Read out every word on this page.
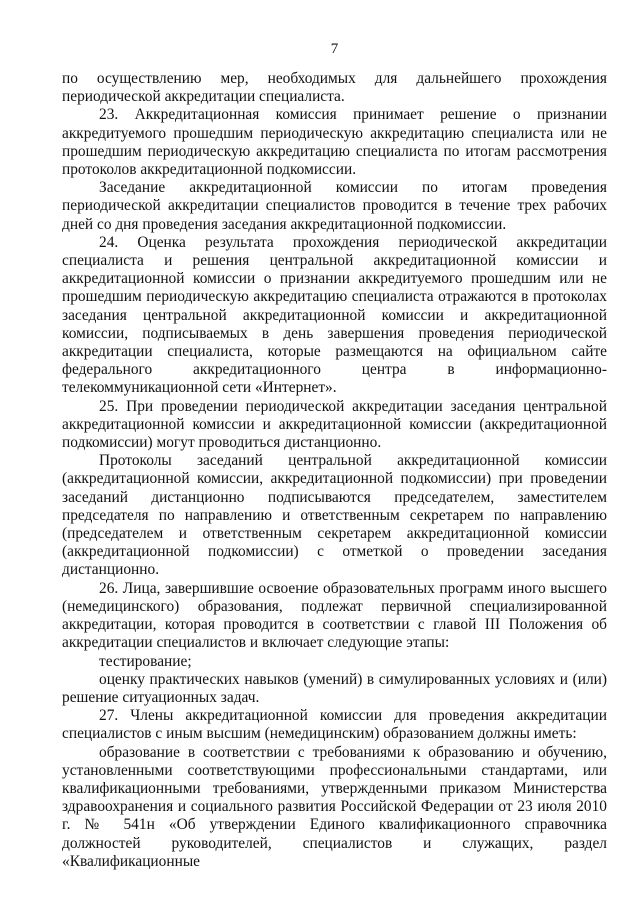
7

по осуществлению мер, необходимых для дальнейшего прохождения периодической аккредитации специалиста.

23. Аккредитационная комиссия принимает решение о признании аккредитуемого прошедшим периодическую аккредитацию специалиста или не прошедшим периодическую аккредитацию специалиста по итогам рассмотрения протоколов аккредитационной подкомиссии.

Заседание аккредитационной комиссии по итогам проведения периодической аккредитации специалистов проводится в течение трех рабочих дней со дня проведения заседания аккредитационной подкомиссии.

24. Оценка результата прохождения периодической аккредитации специалиста и решения центральной аккредитационной комиссии и аккредитационной комиссии о признании аккредитуемого прошедшим или не прошедшим периодическую аккредитацию специалиста отражаются в протоколах заседания центральной аккредитационной комиссии и аккредитационной комиссии, подписываемых в день завершения проведения периодической аккредитации специалиста, которые размещаются на официальном сайте федерального аккредитационного центра в информационно-телекоммуникационной сети «Интернет».

25. При проведении периодической аккредитации заседания центральной аккредитационной комиссии и аккредитационной комиссии (аккредитационной подкомиссии) могут проводиться дистанционно.

Протоколы заседаний центральной аккредитационной комиссии (аккредитационной комиссии, аккредитационной подкомиссии) при проведении заседаний дистанционно подписываются председателем, заместителем председателя по направлению и ответственным секретарем по направлению (председателем и ответственным секретарем аккредитационной комиссии (аккредитационной подкомиссии) с отметкой о проведении заседания дистанционно.

26. Лица, завершившие освоение образовательных программ иного высшего (немедицинского) образования, подлежат первичной специализированной аккредитации, которая проводится в соответствии с главой III Положения об аккредитации специалистов и включает следующие этапы:

тестирование;

оценку практических навыков (умений) в симулированных условиях и (или) решение ситуационных задач.

27. Члены аккредитационной комиссии для проведения аккредитации специалистов с иным высшим (немедицинским) образованием должны иметь:

образование в соответствии с требованиями к образованию и обучению, установленными соответствующими профессиональными стандартами, или квалификационными требованиями, утвержденными приказом Министерства здравоохранения и социального развития Российской Федерации от 23 июля 2010 г. № 541н «Об утверждении Единого квалификационного справочника должностей руководителей, специалистов и служащих, раздел «Квалификационные
